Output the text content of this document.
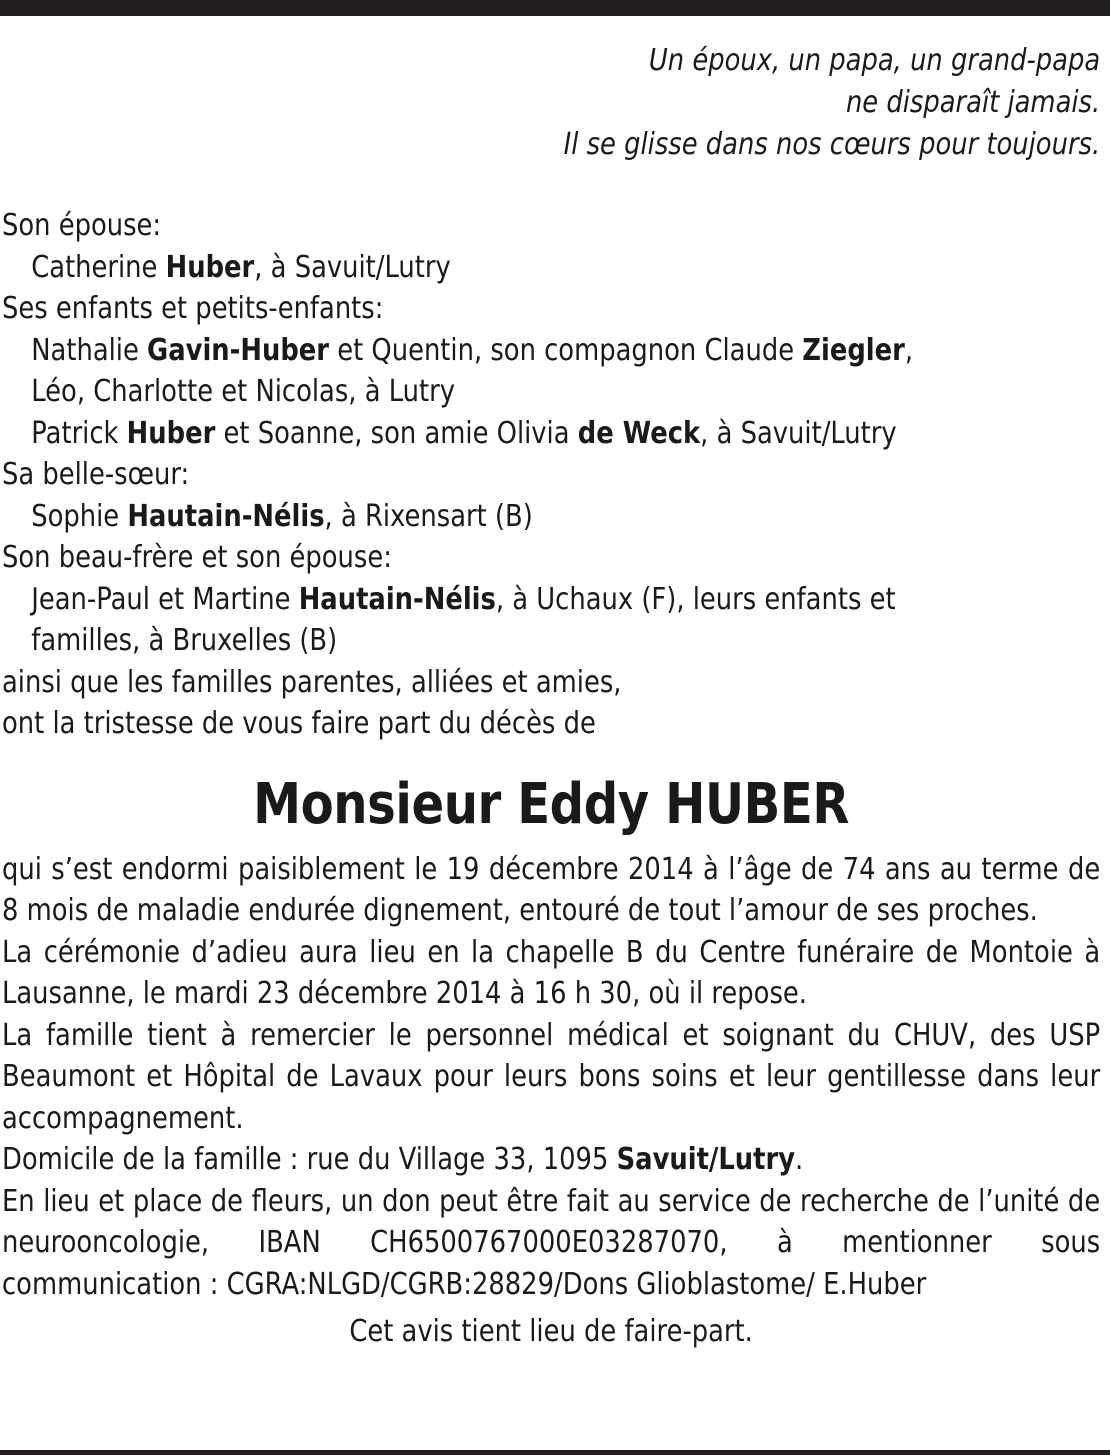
Un époux, un papa, un grand-papa
ne disparaît jamais.
Il se glisse dans nos cœurs pour toujours.
Son épouse:
Catherine Huber, à Savuit/Lutry
Ses enfants et petits-enfants:
Nathalie Gavin-Huber et Quentin, son compagnon Claude Ziegler,
Léo, Charlotte et Nicolas, à Lutry
Patrick Huber et Soanne, son amie Olivia de Weck, à Savuit/Lutry
Sa belle-sœur:
Sophie Hautain-Nélis, à Rixensart (B)
Son beau-frère et son épouse:
Jean-Paul et Martine Hautain-Nélis, à Uchaux (F), leurs enfants et
familles, à Bruxelles (B)
ainsi que les familles parentes, alliées et amies,
ont la tristesse de vous faire part du décès de
Monsieur Eddy HUBER

qui s’est endormi paisiblement le 19 décembre 2014 à l’âge de 74 ans au terme de 8 mois de maladie endurée dignement, entouré de tout l’amour de ses proches.

La cérémonie d’adieu aura lieu en la chapelle B du Centre funéraire de Montoie à Lausanne, le mardi 23 décembre 2014 à 16 h 30, où il repose.

La famille tient à remercier le personnel médical et soignant du CHUV, des USP Beaumont et Hôpital de Lavaux pour leurs bons soins et leur gentillesse dans leur accompagnement.

Domicile de la famille : rue du Village 33, 1095 Savuit/Lutry.

En lieu et place de fleurs, un don peut être fait au service de recherche de l’unité de neurooncologie, IBAN CH6500767000E03287070, à mentionner sous communication : CGRA:NLGD/CGRB:28829/Dons Glioblastome/ E.Huber

Cet avis tient lieu de faire-part.
